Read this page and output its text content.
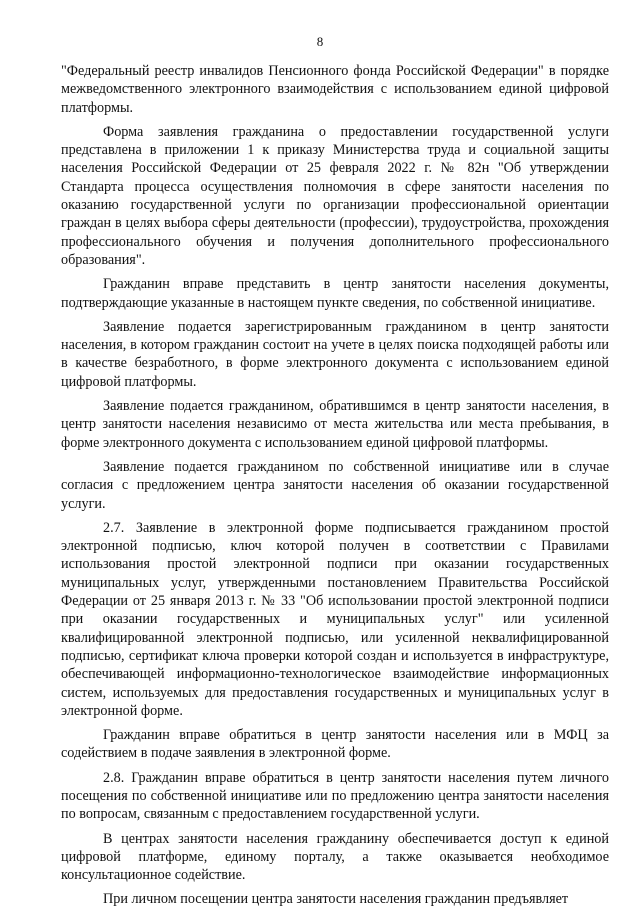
8

"Федеральный реестр инвалидов Пенсионного фонда Российской Федерации" в порядке межведомственного электронного взаимодействия с использованием единой цифровой платформы.

Форма заявления гражданина о предоставлении государственной услуги представлена в приложении 1 к приказу Министерства труда и социальной защиты населения Российской Федерации от 25 февраля 2022 г. № 82н "Об утверждении Стандарта процесса осуществления полномочия в сфере занятости населения по оказанию государственной услуги по организации профессиональной ориентации граждан в целях выбора сферы деятельности (профессии), трудоустройства, прохождения профессионального обучения и получения дополнительного профессионального образования".

Гражданин вправе представить в центр занятости населения документы, подтверждающие указанные в настоящем пункте сведения, по собственной инициативе.

Заявление подается зарегистрированным гражданином в центр занятости населения, в котором гражданин состоит на учете в целях поиска подходящей работы или в качестве безработного, в форме электронного документа с использованием единой цифровой платформы.

Заявление подается гражданином, обратившимся в центр занятости населения, в центр занятости населения независимо от места жительства или места пребывания, в форме электронного документа с использованием единой цифровой платформы.

Заявление подается гражданином по собственной инициативе или в случае согласия с предложением центра занятости населения об оказании государственной услуги.

2.7. Заявление в электронной форме подписывается гражданином простой электронной подписью, ключ которой получен в соответствии с Правилами использования простой электронной подписи при оказании государственных муниципальных услуг, утвержденными постановлением Правительства Российской Федерации от 25 января 2013 г. № 33 "Об использовании простой электронной подписи при оказании государственных и муниципальных услуг" или усиленной квалифицированной электронной подписью, или усиленной неквалифицированной подписью, сертификат ключа проверки которой создан и используется в инфраструктуре, обеспечивающей информационно-технологическое взаимодействие информационных систем, используемых для предоставления государственных и муниципальных услуг в электронной форме.

Гражданин вправе обратиться в центр занятости населения или в МФЦ за содействием в подаче заявления в электронной форме.

2.8. Гражданин вправе обратиться в центр занятости населения путем личного посещения по собственной инициативе или по предложению центра занятости населения по вопросам, связанным с предоставлением государственной услуги.

В центрах занятости населения гражданину обеспечивается доступ к единой цифровой платформе, единому порталу, а также оказывается необходимое консультационное содействие.

При личном посещении центра занятости населения гражданин предъявляет
